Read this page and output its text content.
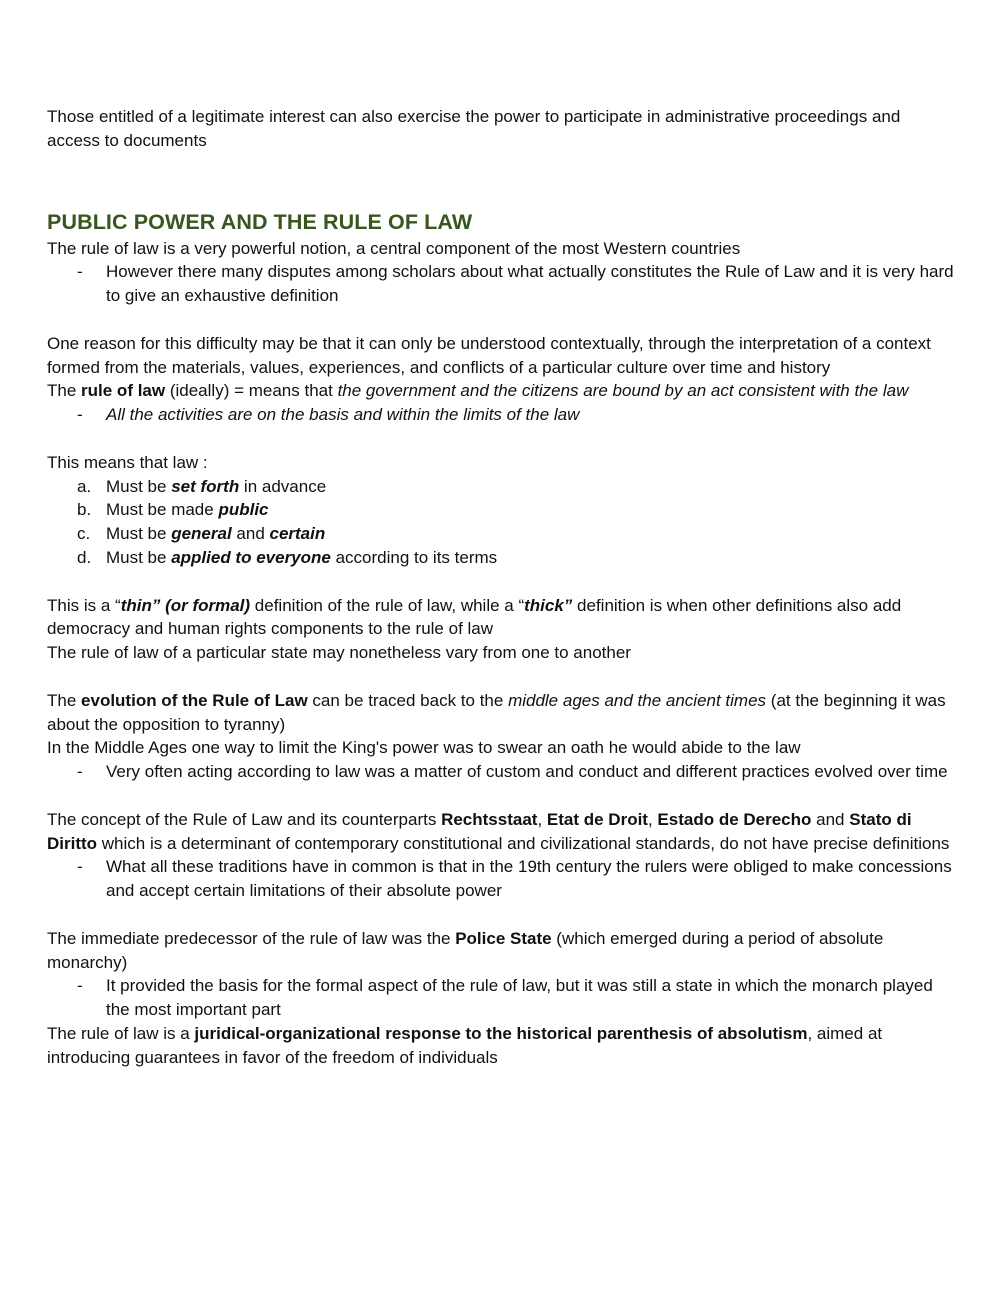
Those entitled of a legitimate interest can also exercise the power to participate in administrative proceedings and access to documents

PUBLIC POWER AND THE RULE OF LAW

The rule of law is a very powerful notion, a central component of the most Western countries

- However there many disputes among scholars about what actually constitutes the Rule of Law and it is very hard to give an exhaustive definition

One reason for this difficulty may be that it can only be understood contextually, through the interpretation of a context formed from the materials, values, experiences, and conflicts of a particular culture over time and history

The rule of law (ideally) = means that the government and the citizens are bound by an act consistent with the law

- All the activities are on the basis and within the limits of the law

This means that law :

a. Must be set forth in advance
b. Must be made public
c. Must be general and certain
d. Must be applied to everyone according to its terms

This is a “thin” (or formal) definition of the rule of law, while a “thick” definition is when other definitions also add democracy and human rights components to the rule of law

The rule of law of a particular state may nonetheless vary from one to another

The evolution of the Rule of Law can be traced back to the middle ages and the ancient times (at the beginning it was about the opposition to tyranny)

In the Middle Ages one way to limit the King's power was to swear an oath he would abide to the law

- Very often acting according to law was a matter of custom and conduct and different practices evolved over time

The concept of the Rule of Law and its counterparts Rechtsstaat, Etat de Droit, Estado de Derecho and Stato di Diritto which is a determinant of contemporary constitutional and civilizational standards, do not have precise definitions

- What all these traditions have in common is that in the 19th century the rulers were obliged to make concessions and accept certain limitations of their absolute power

The immediate predecessor of the rule of law was the Police State (which emerged during a period of absolute monarchy)

- It provided the basis for the formal aspect of the rule of law, but it was still a state in which the monarch played the most important part

The rule of law is a juridical-organizational response to the historical parenthesis of absolutism, aimed at introducing guarantees in favor of the freedom of individuals
